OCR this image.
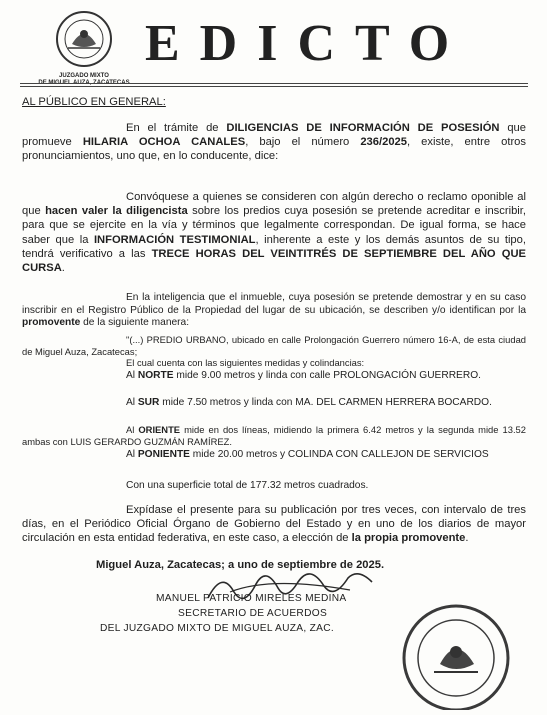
JUZGADO MIXTO
DE MIGUEL AUZA, ZACATECAS
EDICTO
AL PÚBLICO EN GENERAL:
En el trámite de DILIGENCIAS DE INFORMACIÓN DE POSESIÓN que promueve HILARIA OCHOA CANALES, bajo el número 236/2025, existe, entre otros pronunciamientos, uno que, en lo conducente, dice:
Convóquese a quienes se consideren con algún derecho o reclamo oponible al que hacen valer la diligencista sobre los predios cuya posesión se pretende acreditar e inscribir, para que se ejercite en la vía y términos que legalmente correspondan. De igual forma, se hace saber que la INFORMACIÓN TESTIMONIAL, inherente a este y los demás asuntos de su tipo, tendrá verificativo a las TRECE HORAS DEL VEINTITRÉS DE SEPTIEMBRE DEL AÑO QUE CURSA.
En la inteligencia que el inmueble, cuya posesión se pretende demostrar y en su caso inscribir en el Registro Público de la Propiedad del lugar de su ubicación, se describen y/o identifican por la promovente de la siguiente manera:
"(...) PREDIO URBANO, ubicado en calle Prolongación Guerrero número 16-A, de esta ciudad de Miguel Auza, Zacatecas;
El cual cuenta con las siguientes medidas y colindancias:
Al NORTE mide 9.00 metros y linda con calle PROLONGACIÓN GUERRERO.
Al SUR mide 7.50 metros y linda con MA. DEL CARMEN HERRERA BOCARDO.
Al ORIENTE mide en dos líneas, midiendo la primera 6.42 metros y la segunda mide 13.52 ambas con LUIS GERARDO GUZMÁN RAMÍREZ.
Al PONIENTE mide 20.00 metros y COLINDA CON CALLEJON DE SERVICIOS
Con una superficie total de 177.32 metros cuadrados.
Expídase el presente para su publicación por tres veces, con intervalo de tres días, en el Periódico Oficial Órgano de Gobierno del Estado y en uno de los diarios de mayor circulación en esta entidad federativa, en este caso, a elección de la propia promovente.
Miguel Auza, Zacatecas; a uno de septiembre de 2025.
MANUEL PATRICIO MIRELES MEDINA
SECRETARIO DE ACUERDOS
DEL JUZGADO MIXTO DE MIGUEL AUZA, ZAC.
